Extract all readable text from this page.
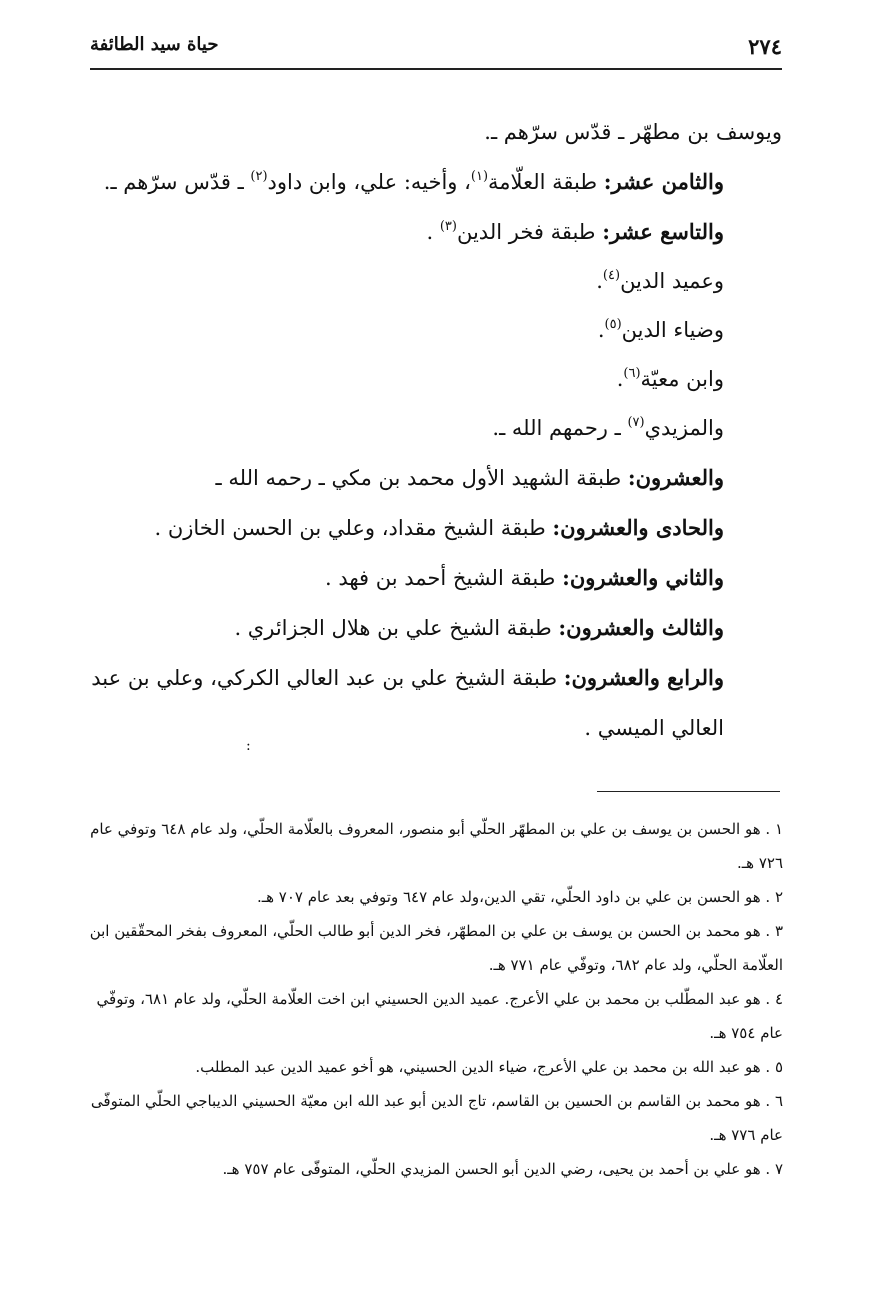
٢٧٤
حياة سيد الطائفة
ويوسف بن مطهّر ـ قدّس سرّهم ـ.
والثامن عشر: طبقة العلّامة$^{(١)}$، وأخيه: علي، وابن داود$^{(٢)}$ ـ قدّس سرّهم ـ.
والتاسع عشر: طبقة فخر الدين$^{(٣)}$ .
وعميد الدين$^{(٤)}$.
وضياء الدين$^{(٥)}$.
وابن معيّة$^{(٦)}$.
والمزيدي$^{(٧)}$ ـ رحمهم الله ـ.
والعشرون: طبقة الشهيد الأول محمد بن مكي ـ رحمه الله ـ
والحادى والعشرون: طبقة الشيخ مقداد، وعلي بن الحسن الخازن .
والثاني والعشرون: طبقة الشيخ أحمد بن فهد .
والثالث والعشرون: طبقة الشيخ علي بن هلال الجزائري .
والرابع والعشرون: طبقة الشيخ علي بن عبد العالي الكركي، وعلي بن عبد العالي الميسي .
:
١ . هو الحسن بن يوسف بن علي بن المطهّر الحلّي أبو منصور، المعروف بالعلّامة الحلّي، ولد عام ٦٤٨ وتوفي عام ٧٢٦ هـ.
٢ . هو الحسن بن علي بن داود الحلّي، تقي الدين،ولد عام ٦٤٧ وتوفي بعد عام ٧٠٧ هـ.
٣ . هو محمد بن الحسن بن يوسف بن علي بن المطهّر، فخر الدين أبو طالب الحلّي، المعروف بفخر المحقّقين ابن العلّامة الحلّي، ولد عام ٦٨٢، وتوفّي عام ٧٧١ هـ.
٤ . هو عبد المطّلب بن محمد بن علي الأعرج. عميد الدين الحسيني ابن اخت العلّامة الحلّي، ولد عام ٦٨١، وتوفّي عام ٧٥٤ هـ.
٥ . هو عبد الله بن محمد بن علي الأعرج، ضياء الدين الحسيني، هو أخو عميد الدين عبد المطلب.
٦ . هو محمد بن القاسم بن الحسين بن القاسم، تاج الدين أبو عبد الله ابن معيّة الحسيني الديباجي الحلّي المتوفّى عام ٧٧٦ هـ.
٧ . هو علي بن أحمد بن يحيى، رضي الدين أبو الحسن المزيدي الحلّي، المتوفّى عام ٧٥٧ هـ.
